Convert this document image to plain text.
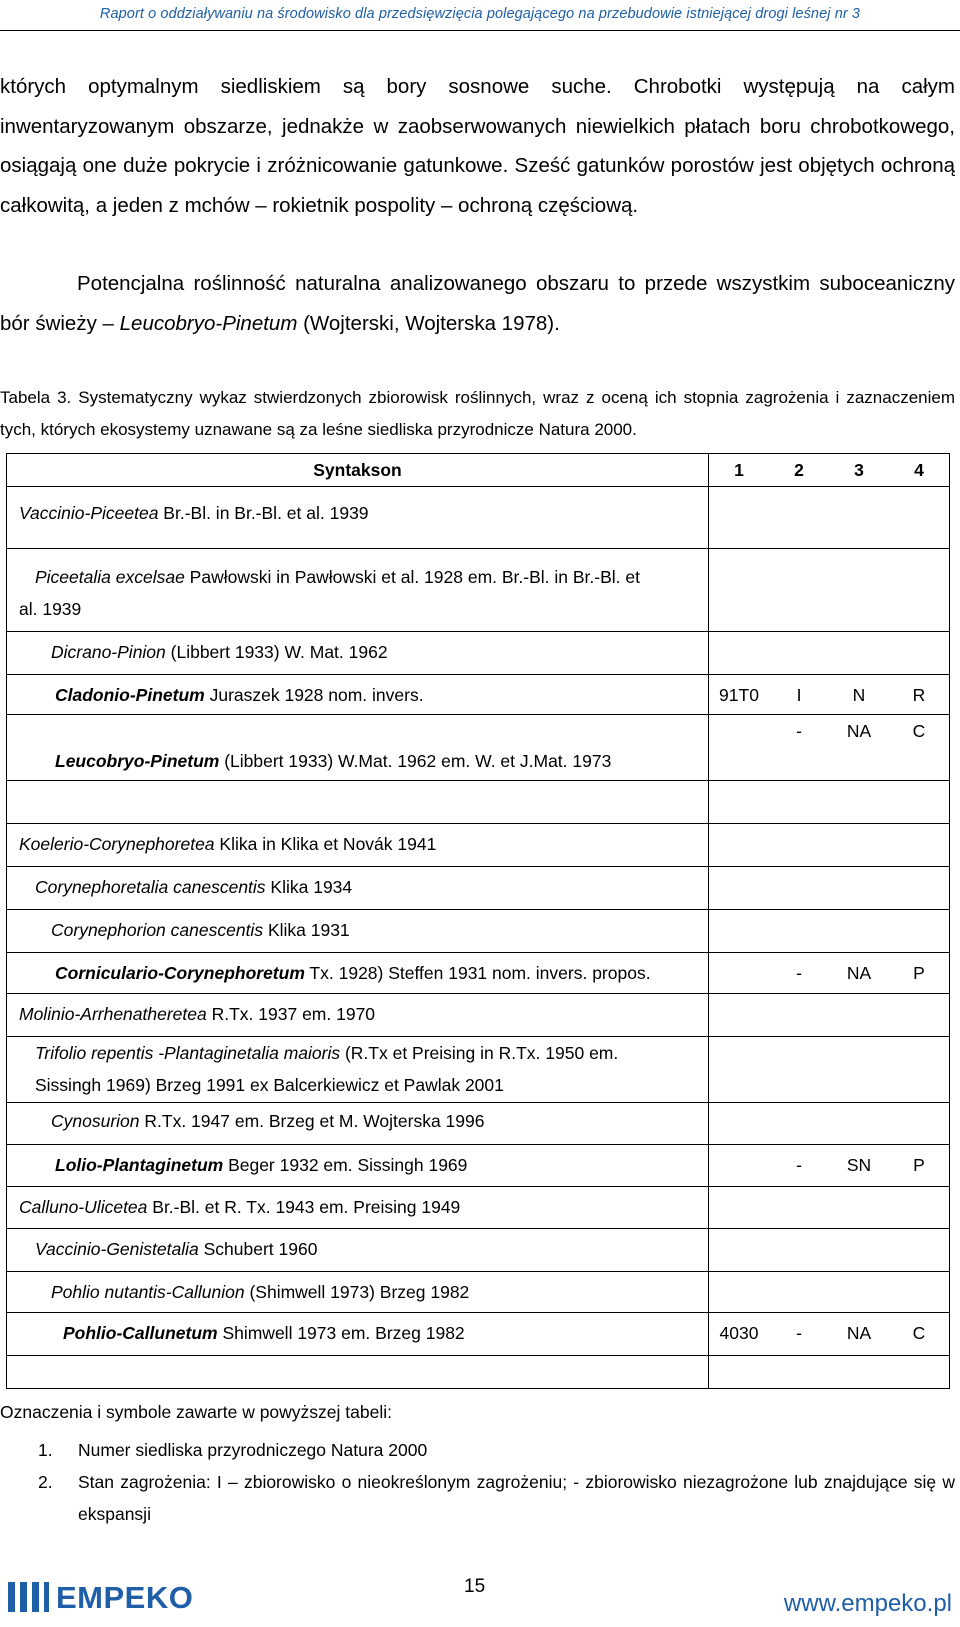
Raport o oddziaływaniu na środowisko dla przedsięwzięcia polegającego na przebudowie istniejącej drogi leśnej nr 3
których optymalnym siedliskiem są bory sosnowe suche. Chrobotki występują na całym inwentaryzowanym obszarze, jednakże w zaobserwowanych niewielkich płatach boru chrobotkowego, osiągają one duże pokrycie i zróżnicowanie gatunkowe. Sześć gatunków porostów jest objętych ochroną całkowitą, a jeden z mchów – rokietnik pospolity – ochroną częściową.
Potencjalna roślinność naturalna analizowanego obszaru to przede wszystkim suboceaniczny bór świeży – Leucobryo-Pinetum (Wojterski, Wojterska 1978).
Tabela 3. Systematyczny wykaz stwierdzonych zbiorowisk roślinnych, wraz z oceną ich stopnia zagrożenia i zaznaczeniem tych, których ekosystemy uznawane są za leśne siedliska przyrodnicze Natura 2000.
Syntakson	1	2	3	4

Vaccinio-Piceetea Br.-Bl. in Br.-Bl. et al. 1939				

Piceetalia excelsae Pawłowski in Pawłowski et al. 1928 em. Br.-Bl. in Br.-Bl. et
al. 1939				

Dicrano-Pinion (Libbert 1933) W. Mat. 1962				

Cladonio-Pinetum Juraszek 1928 nom. invers.	91T0	I	N	R

Leucobryo-Pinetum (Libbert 1933) W.Mat. 1962 em. W. et J.Mat. 1973		-	NA	C

Koelerio-Corynephoretea Klika in Klika et Novák 1941				

Corynephoretalia canescentis Klika 1934				

Corynephorion canescentis Klika 1931				

Corniculario-Corynephoretum Tx. 1928) Steffen 1931 nom. invers. propos.		-	NA	P

Molinio-Arrhenatheretea R.Tx. 1937 em. 1970				

Trifolio repentis -Plantaginetalia maioris (R.Tx et Preising in R.Tx. 1950 em.
Sissingh 1969) Brzeg 1991 ex Balcerkiewicz et Pawlak 2001				

Cynosurion R.Tx. 1947 em. Brzeg et M. Wojterska 1996				

Lolio-Plantaginetum Beger 1932 em. Sissingh 1969		-	SN	P

Calluno-Ulicetea Br.-Bl. et R. Tx. 1943 em. Preising 1949				

Vaccinio-Genistetalia Schubert 1960				

Pohlio nutantis-Callunion (Shimwell 1973) Brzeg 1982				

Pohlio-Callunetum Shimwell 1973 em. Brzeg 1982	4030	-	NA	C

Oznaczenia i symbole zawarte w powyższej tabeli:
1. Numer siedliska przyrodniczego Natura 2000
2. Stan zagrożenia: I – zbiorowisko o nieokreślonym zagrożeniu; - zbiorowisko niezagrożone lub znajdujące się w ekspansji
EMPEKO	15
www.empeko.pl
